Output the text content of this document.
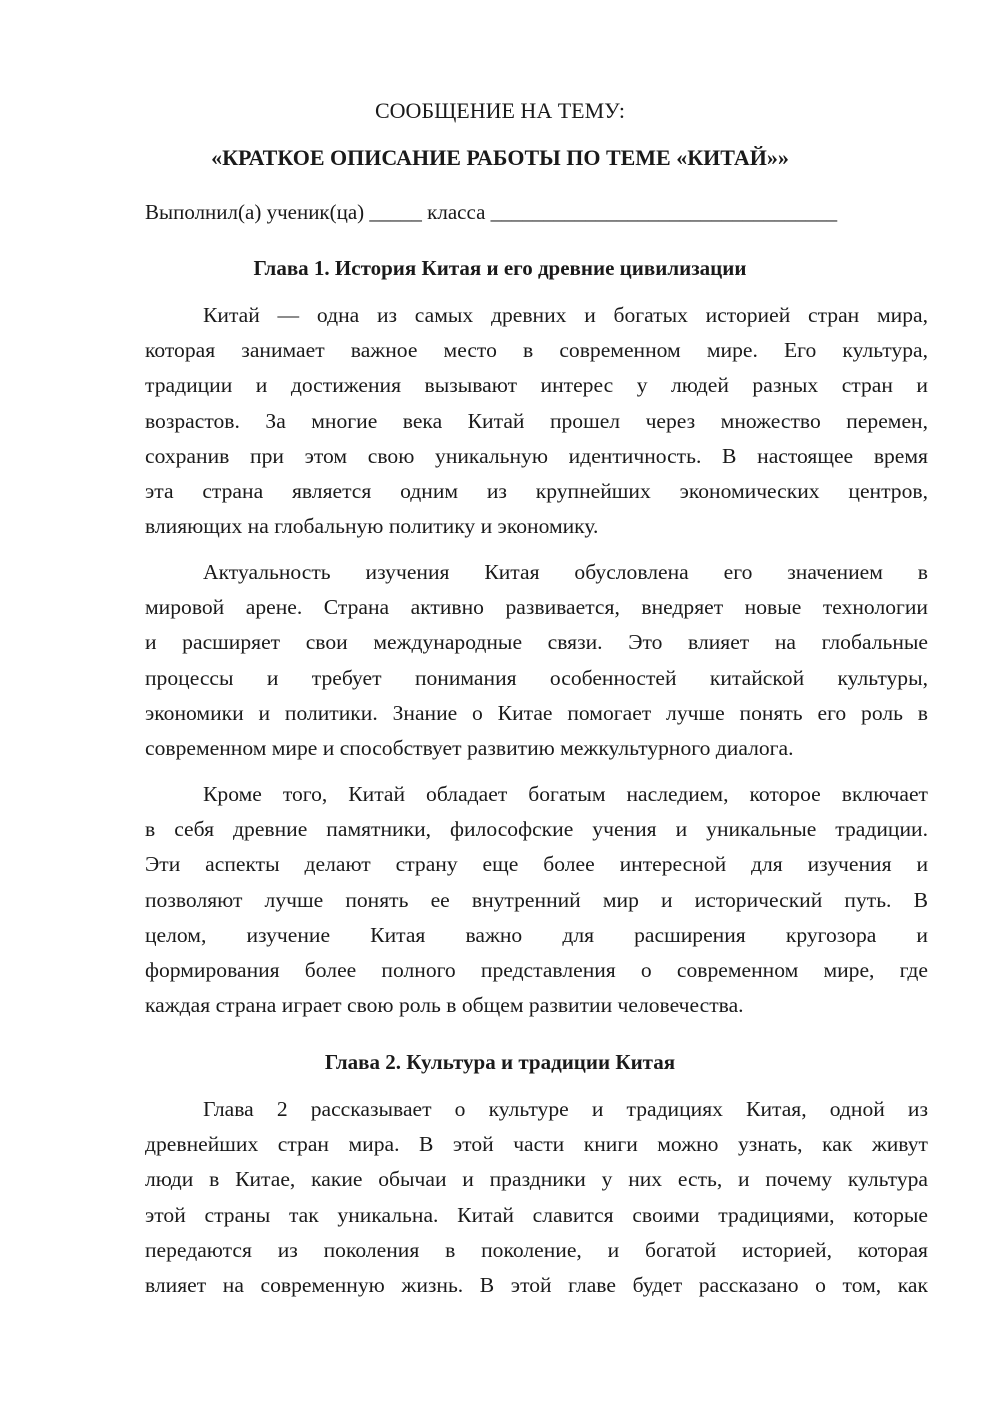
СООБЩЕНИЕ НА ТЕМУ:
«КРАТКОЕ ОПИСАНИЕ РАБОТЫ ПО ТЕМЕ «КИТАЙ»»
Выполнил(а) ученик(ца) _____ класса _________________________________
Глава 1. История Китая и его древние цивилизации
Китай — одна из самых древних и богатых историей стран мира,
которая занимает важное место в современном мире. Его культура,
традиции и достижения вызывают интерес у людей разных стран и
возрастов. За многие века Китай прошел через множество перемен,
сохранив при этом свою уникальную идентичность. В настоящее время
эта страна является одним из крупнейших экономических центров,
влияющих на глобальную политику и экономику.
Актуальность изучения Китая обусловлена его значением в
мировой арене. Страна активно развивается, внедряет новые технологии
и расширяет свои международные связи. Это влияет на глобальные
процессы и требует понимания особенностей китайской культуры,
экономики и политики. Знание о Китае помогает лучше понять его роль в
современном мире и способствует развитию межкультурного диалога.
Кроме того, Китай обладает богатым наследием, которое включает
в себя древние памятники, философские учения и уникальные традиции.
Эти аспекты делают страну еще более интересной для изучения и
позволяют лучше понять ее внутренний мир и исторический путь. В
целом, изучение Китая важно для расширения кругозора и
формирования более полного представления о современном мире, где
каждая страна играет свою роль в общем развитии человечества.
Глава 2. Культура и традиции Китая
Глава 2 рассказывает о культуре и традициях Китая, одной из
древнейших стран мира. В этой части книги можно узнать, как живут
люди в Китае, какие обычаи и праздники у них есть, и почему культура
этой страны так уникальна. Китай славится своими традициями, которые
передаются из поколения в поколение, и богатой историей, которая
влияет на современную жизнь. В этой главе будет рассказано о том, как
